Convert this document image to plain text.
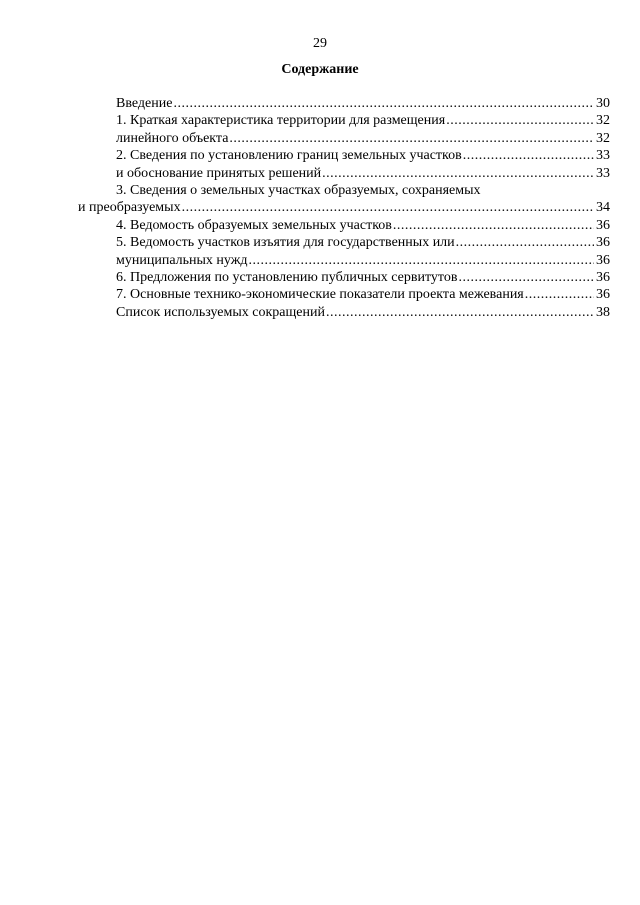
29
Содержание
Введение .....	30
1. Краткая характеристика территории для размещения .....	32
линейного объекта .....	32
2. Сведения по установлению границ земельных участков .....	33
и обоснование принятых решений .....	33
3. Сведения о земельных участках образуемых, сохраняемых
и преобразуемых .....	34
4. Ведомость образуемых земельных участков .....	36
5. Ведомость участков изъятия для государственных или .....	36
муниципальных нужд .....	36
6. Предложения по установлению публичных сервитутов .....	36
7. Основные технико-экономические показатели проекта межевания .....	36
Список используемых сокращений .....	38
